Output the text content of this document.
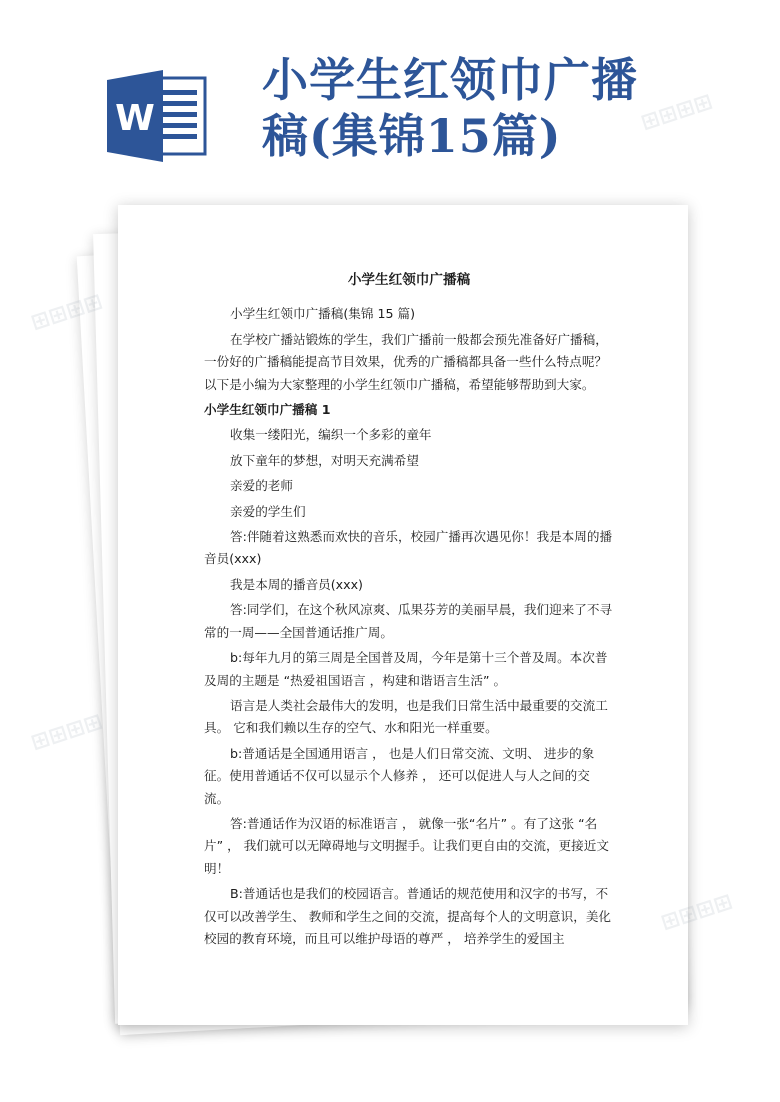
W
小学生红领巾广播
稿(集锦15篇)
小学生红领巾广播稿

小学生红领巾广播稿(集锦 15 篇)

在学校广播站锻炼的学生，我们广播前一般都会预先准备好广播稿，一份好的广播稿能提高节目效果，优秀的广播稿都具备一些什么特点呢？以下是小编为大家整理的小学生红领巾广播稿，希望能够帮助到大家。

小学生红领巾广播稿 1

收集一缕阳光，编织一个多彩的童年

放下童年的梦想，对明天充满希望

亲爱的老师

亲爱的学生们

答:伴随着这熟悉而欢快的音乐，校园广播再次遇见你！我是本周的播音员(xxx)

我是本周的播音员(xxx)

答:同学们，在这个秋风凉爽、瓜果芬芳的美丽早晨，我们迎来了不寻常的一周——全国普通话推广周。

b:每年九月的第三周是全国普及周，今年是第十三个普及周。本次普及周的主题是 “热爱祖国语言 ，构建和谐语言生活” 。

语言是人类社会最伟大的发明，也是我们日常生活中最重要的交流工具。 它和我们赖以生存的空气、水和阳光一样重要。

b:普通话是全国通用语言 ， 也是人们日常交流、文明、 进步的象征。使用普通话不仅可以显示个人修养 ， 还可以促进人与人之间的交流。

答:普通话作为汉语的标准语言 ， 就像一张“名片” 。有了这张 “名片” ， 我们就可以无障碍地与文明握手。让我们更自由的交流，更接近文明！

B:普通话也是我们的校园语言。普通话的规范使用和汉字的书写，不仅可以改善学生、 教师和学生之间的交流，提高每个人的文明意识，美化校园的教育环境，而且可以维护母语的尊严 ， 培养学生的爱国主

⊞⊞⊞⊞
⊞⊞⊞⊞
⊞⊞⊞⊞
⊞⊞⊞⊞
